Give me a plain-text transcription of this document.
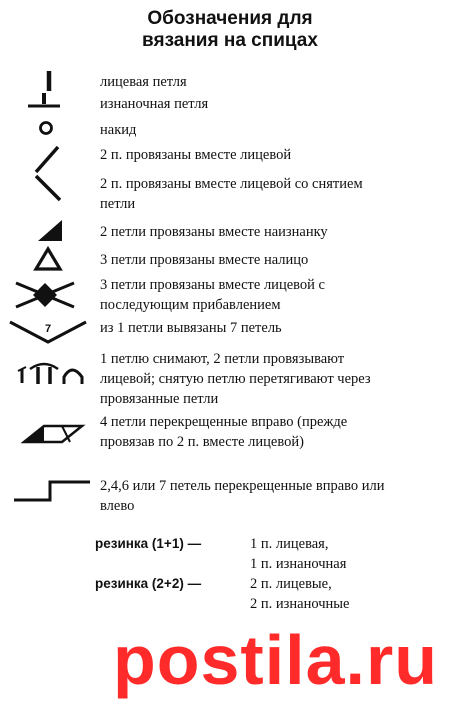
Обозначения для
вязания на спицах
лицевая петля
изнаночная петля
накид
2 п. провязаны вместе лицевой
2 п. провязаны вместе лицевой со снятием петли
2 петли провязаны вместе наизнанку
3 петли провязаны вместе налицо
3 петли провязаны вместе лицевой с последующим прибавлением
7	из 1 петли вывязаны 7 петель
1 петлю снимают, 2 петли провязывают лицевой; снятую петлю перетягивают через провязанные петли
4 петли перекрещенные вправо (прежде провязав по 2 п. вместе лицевой)
2,4,6 или 7 петель перекрещенные вправо или влево
резинка (1+1) —	1 п. лицевая,
1 п. изнаночная
резинка (2+2) —	2 п. лицевые,
2 п. изнаночные
postila.ru
